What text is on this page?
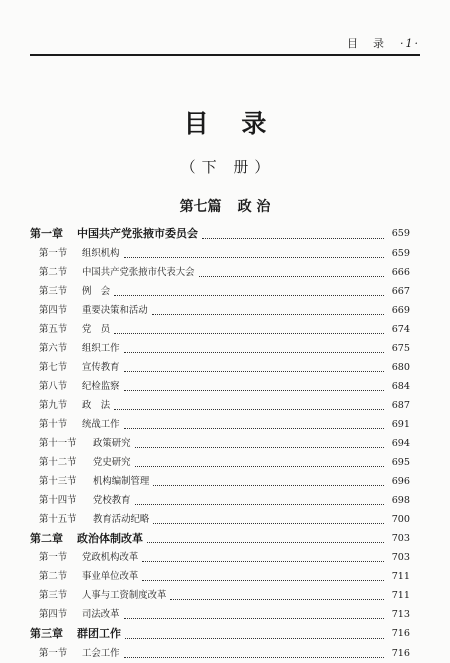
目　录 ·1·
目 录
（下 册）
第七篇 政 治
第一章	中国共产党张掖市委员会	659
第一节	组织机构	659
第二节	中国共产党张掖市代表大会	666
第三节	例　会	667
第四节	重要决策和活动	669
第五节	党　员	674
第六节	组织工作	675
第七节	宣传教育	680
第八节	纪检监察	684
第九节	政　法	687
第十节	统战工作	691
第十一节	政策研究	694
第十二节	党史研究	695
第十三节	机构编制管理	696
第十四节	党校教育	698
第十五节	教育活动纪略	700
第二章	政治体制改革	703
第一节	党政机构改革	703
第二节	事业单位改革	711
第三节	人事与工资制度改革	711
第四节	司法改革	713
第三章	群团工作	716
第一节	工会工作	716
